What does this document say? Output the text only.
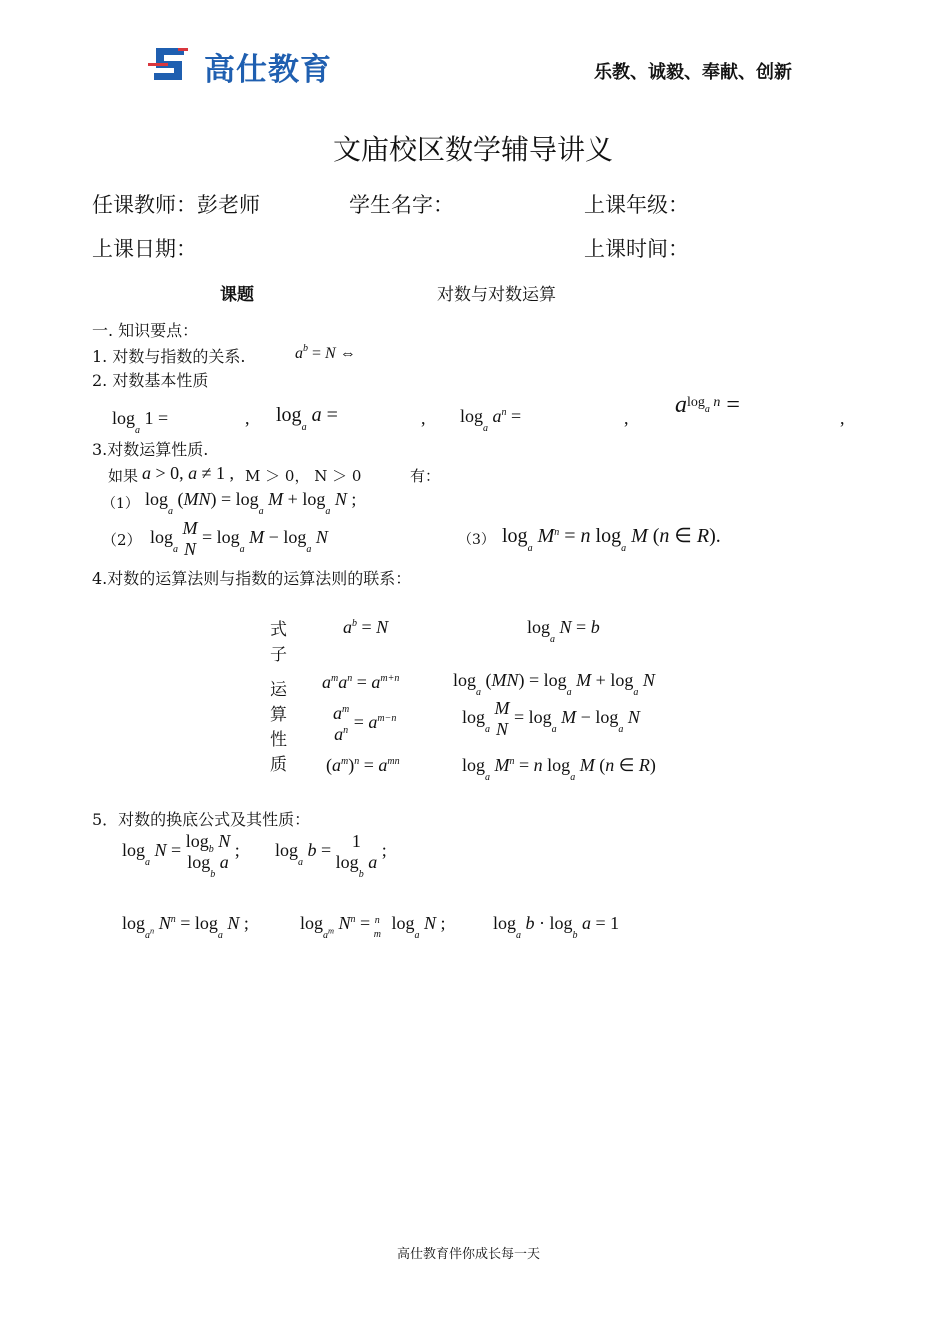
高仕教育	乐教、诚毅、奉献、创新
文庙校区数学辅导讲义
任课教师：彭老师	学生名字：	上课年级：
上课日期：	上课时间：
课题	对数与对数运算
一. 知识要点：
1. 对数与指数的关系.	$a^b = N$ ⇔
2. 对数基本性质
$\log_a 1$ =	, $\log_a a$ =	, $\log_a a^n$ =	, $a^{log_a n}$ =	,
3.对数运算性质.
如果 a > 0, a ≠ 1 , M ＞ 0， N ＞ 0	有：
（1） $\log_a (MN) = \log_a M + \log_a N$ ;
（2） $\log_a$
M
N
= $\log_a M - \log_a N$	（3） $\log_a M^n = n$ $\log_a M$ (n ∈ R).
4.对数的运算法则与指数的运算法则的联系：
式子
$a^b = N$	$\log_a N = b$
运算性质
$a^ma^n = a^{m+n}$	$\log_a (MN) = \log_a M + \log_a N$
$a^m$
$a^n = a^{m-n}$	$\log_a$
M
N
= $\log_a M - \log_a N$
$(a^m)^n = a^{mn}$	$\log_a M^n = n$ $\log_a M$ (n ∈ R)
5．对数的换底公式及其性质：
$\log_a N = \log_b N$
$\log_b a$
; $\log_a b = 1$
$\log_b a$
;
$\log_{a^n} N^n = \log_a N$ ;	$\log_{a^m} N^n$ = nm $\log_a N$ ;	$\log_a b \cdot \log_b a = 1$
高仕教育伴你成长每一天
